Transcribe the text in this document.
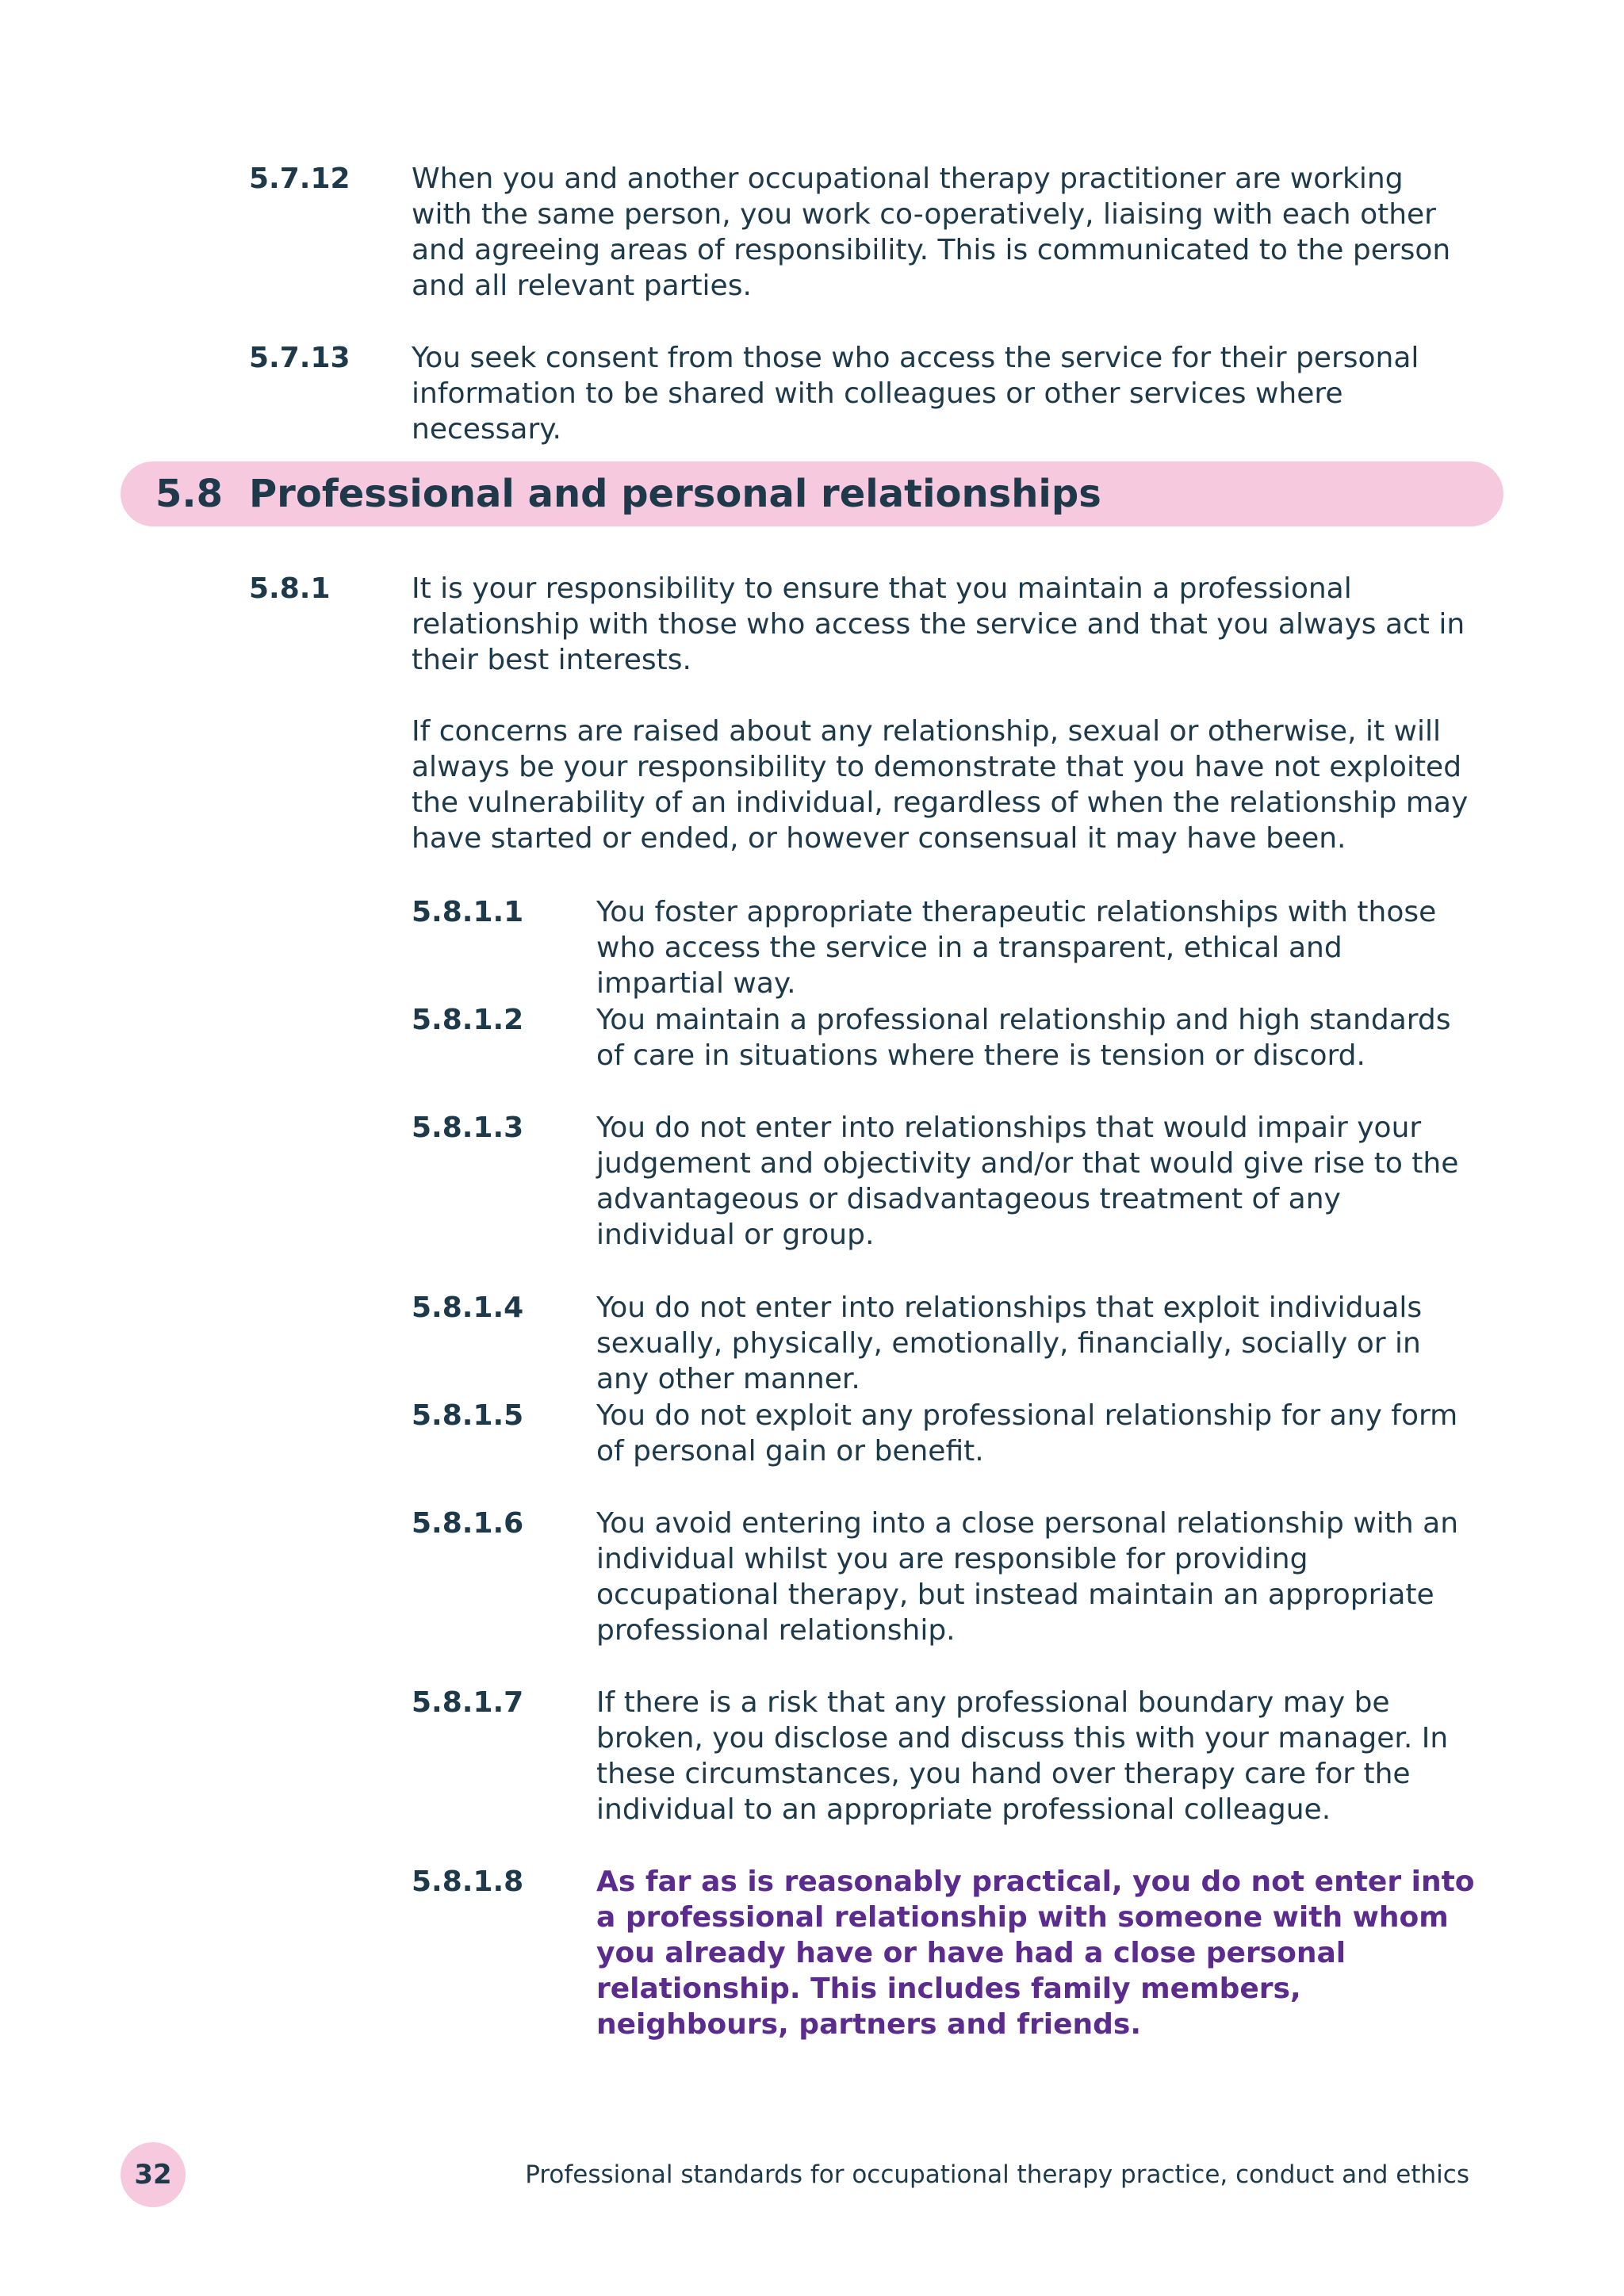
5.7.12 When you and another occupational therapy practitioner are working with the same person, you work co-operatively, liaising with each other and agreeing areas of responsibility. This is communicated to the person and all relevant parties.

5.7.13 You seek consent from those who access the service for their personal information to be shared with colleagues or other services where necessary.

5.8 Professional and personal relationships
5.8.1	It is your responsibility to ensure that you maintain a professional relationship with those who access the service and that you always act in their best interests.

If concerns are raised about any relationship, sexual or otherwise, it will always be your responsibility to demonstrate that you have not exploited the vulnerability of an individual, regardless of when the relationship may have started or ended, or however consensual it may have been.

5.8.1.1	You foster appropriate therapeutic relationships with those who access the service in a transparent, ethical and impartial way.
5.8.1.2	You maintain a professional relationship and high standards of care in situations where there is tension or discord.
5.8.1.3	You do not enter into relationships that would impair your judgement and objectivity and/or that would give rise to the advantageous or disadvantageous treatment of any individual or group.
5.8.1.4	You do not enter into relationships that exploit individuals sexually, physically, emotionally, financially, socially or in any other manner.
5.8.1.5	You do not exploit any professional relationship for any form of personal gain or benefit.
5.8.1.6	You avoid entering into a close personal relationship with an individual whilst you are responsible for providing occupational therapy, but instead maintain an appropriate professional relationship.
5.8.1.7	If there is a risk that any professional boundary may be broken, you disclose and discuss this with your manager. In these circumstances, you hand over therapy care for the individual to an appropriate professional colleague.
5.8.1.8	As far as is reasonably practical, you do not enter into a professional relationship with someone with whom you already have or have had a close personal relationship. This includes family members, neighbours, partners and friends.
32	Professional standards for occupational therapy practice, conduct and ethics
